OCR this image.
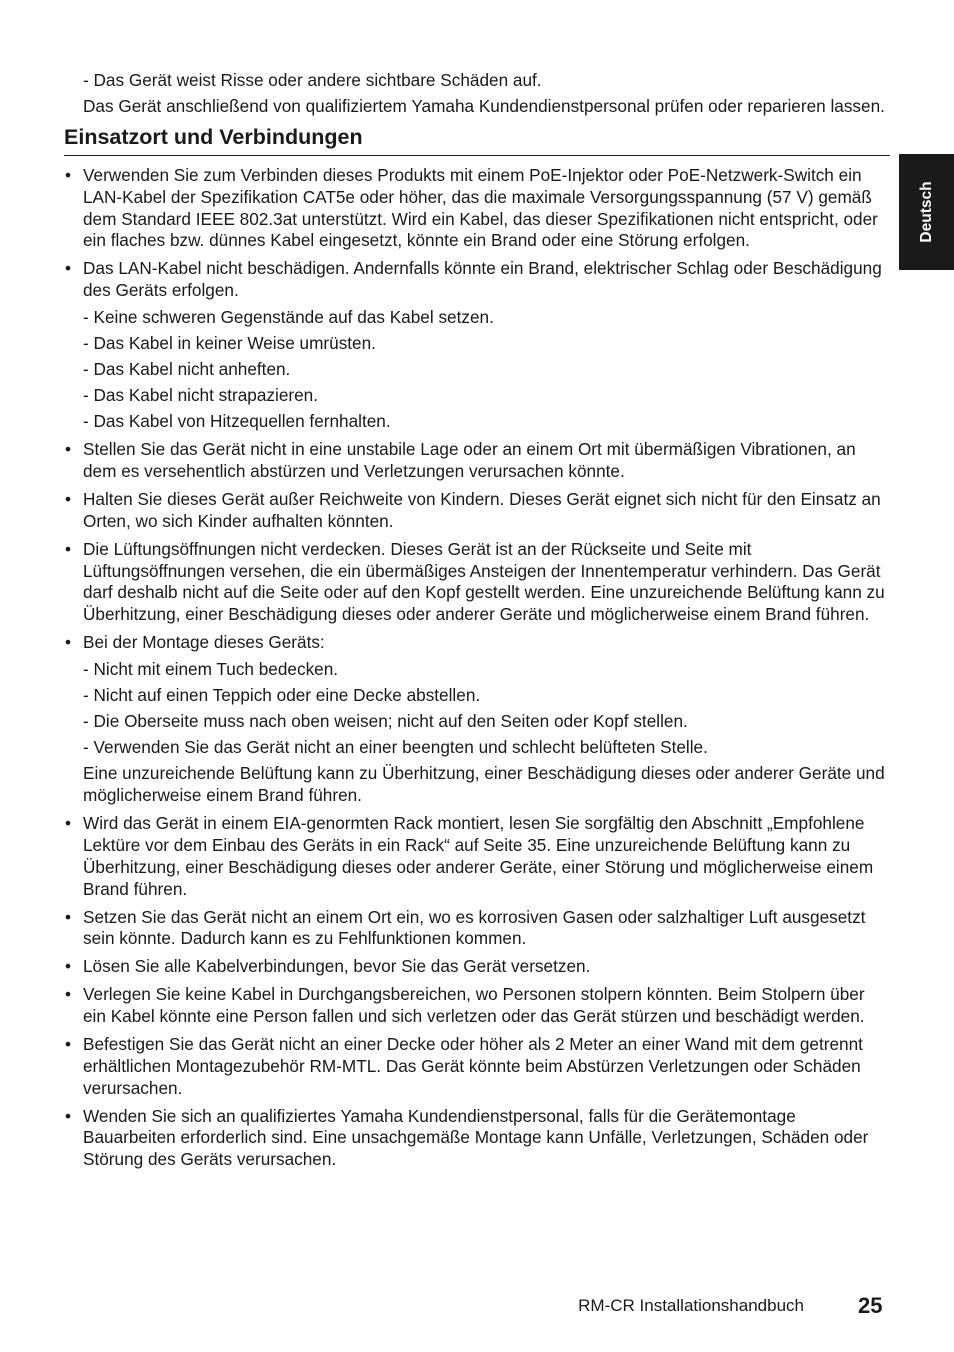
Deutsch
- Das Gerät weist Risse oder andere sichtbare Schäden auf.
Das Gerät anschließend von qualifiziertem Yamaha Kundendienstpersonal prüfen oder reparieren lassen.
Einsatzort und Verbindungen
• Verwenden Sie zum Verbinden dieses Produkts mit einem PoE-Injektor oder PoE-Netzwerk-Switch ein LAN-Kabel der Spezifikation CAT5e oder höher, das die maximale Versorgungsspannung (57 V) gemäß dem Standard IEEE 802.3at unterstützt. Wird ein Kabel, das dieser Spezifikationen nicht entspricht, oder ein flaches bzw. dünnes Kabel eingesetzt, könnte ein Brand oder eine Störung erfolgen.
• Das LAN-Kabel nicht beschädigen. Andernfalls könnte ein Brand, elektrischer Schlag oder Beschädigung des Geräts erfolgen.
- Keine schweren Gegenstände auf das Kabel setzen.
- Das Kabel in keiner Weise umrüsten.
- Das Kabel nicht anheften.
- Das Kabel nicht strapazieren.
- Das Kabel von Hitzequellen fernhalten.
• Stellen Sie das Gerät nicht in eine unstabile Lage oder an einem Ort mit übermäßigen Vibrationen, an dem es versehentlich abstürzen und Verletzungen verursachen könnte.
• Halten Sie dieses Gerät außer Reichweite von Kindern. Dieses Gerät eignet sich nicht für den Einsatz an Orten, wo sich Kinder aufhalten könnten.
• Die Lüftungsöffnungen nicht verdecken. Dieses Gerät ist an der Rückseite und Seite mit Lüftungsöffnungen versehen, die ein übermäßiges Ansteigen der Innentemperatur verhindern. Das Gerät darf deshalb nicht auf die Seite oder auf den Kopf gestellt werden. Eine unzureichende Belüftung kann zu Überhitzung, einer Beschädigung dieses oder anderer Geräte und möglicherweise einem Brand führen.
• Bei der Montage dieses Geräts:
- Nicht mit einem Tuch bedecken.
- Nicht auf einen Teppich oder eine Decke abstellen.
- Die Oberseite muss nach oben weisen; nicht auf den Seiten oder Kopf stellen.
- Verwenden Sie das Gerät nicht an einer beengten und schlecht belüfteten Stelle.
Eine unzureichende Belüftung kann zu Überhitzung, einer Beschädigung dieses oder anderer Geräte und möglicherweise einem Brand führen.
• Wird das Gerät in einem EIA-genormten Rack montiert, lesen Sie sorgfältig den Abschnitt „Empfohlene Lektüre vor dem Einbau des Geräts in ein Rack“ auf Seite 35. Eine unzureichende Belüftung kann zu Überhitzung, einer Beschädigung dieses oder anderer Geräte, einer Störung und möglicherweise einem Brand führen.
• Setzen Sie das Gerät nicht an einem Ort ein, wo es korrosiven Gasen oder salzhaltiger Luft ausgesetzt sein könnte. Dadurch kann es zu Fehlfunktionen kommen.
• Lösen Sie alle Kabelverbindungen, bevor Sie das Gerät versetzen.
• Verlegen Sie keine Kabel in Durchgangsbereichen, wo Personen stolpern könnten. Beim Stolpern über ein Kabel könnte eine Person fallen und sich verletzen oder das Gerät stürzen und beschädigt werden.
• Befestigen Sie das Gerät nicht an einer Decke oder höher als 2 Meter an einer Wand mit dem getrennt erhältlichen Montagezubehör RM-MTL. Das Gerät könnte beim Abstürzen Verletzungen oder Schäden verursachen.
• Wenden Sie sich an qualifiziertes Yamaha Kundendienstpersonal, falls für die Gerätemontage Bauarbeiten erforderlich sind. Eine unsachgemäße Montage kann Unfälle, Verletzungen, Schäden oder Störung des Geräts verursachen.
RM-CR Installationshandbuch 25
